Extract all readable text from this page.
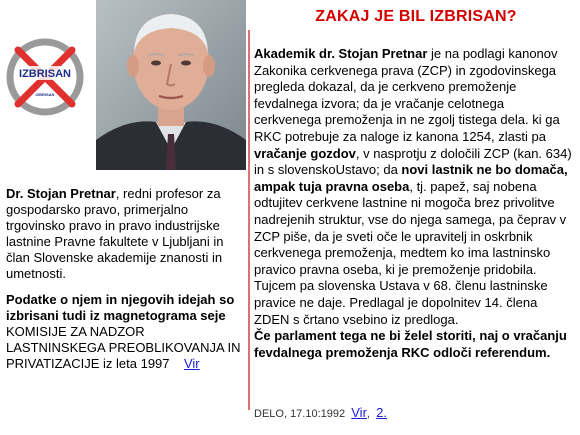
IZBRISAN
IZBRISAN

Dr. Stojan Pretnar, redni profesor za gospodarsko pravo, primerjalno trgovinsko pravo in pravo industrijske lastnine Pravne fakultete v Ljubljani in član Slovenske akademije znanosti in umetnosti.

Podatke o njem in njegovih idejah so izbrisani tudi iz magnetograma seje KOMISIJE ZA NADZOR LASTNINSKEGA PREOBLIKOVANJA IN PRIVATIZACIJE iz leta 1997 Vir

ZAKAJ JE BIL IZBRISAN?
Akademik dr. Stojan Pretnar je na podlagi kanonov Zakonika cerkvenega prava (ZCP) in zgodovinskega pregleda dokazal, da je cerkveno premoženje fevdalnega izvora; da je vračanje celotnega cerkvenega premoženja in ne zgolj tistega dela. ki ga RKC potrebuje za naloge iz kanona 1254, zlasti pa vračanje gozdov, v nasprotju z določili ZCP (kan. 634) in s slovenskoUstavo; da novi lastnik ne bo domača, ampak tuja pravna oseba, tj. papež, saj nobena odtujitev cerkvene lastnine ni mogoča brez privolitve nadrejenih struktur, vse do njega samega, pa čeprav v ZCP piše, da je sveti oče le upravitelj in oskrbnik cerkvenega premoženja, medtem ko ima lastninsko pravico pravna oseba, ki je premoženje pridobila. Tujcem pa slovenska Ustava v 68. členu lastninske pravice ne daje. Predlagal je dopolnitev 14. člena ZDEN s črtano vsebino iz predloga.
Če parlament tega ne bi želel storiti, naj o vračanju fevdalnega premoženja RKC odloči referendum.
DELO, 17.10:1992 Vir, 2.
